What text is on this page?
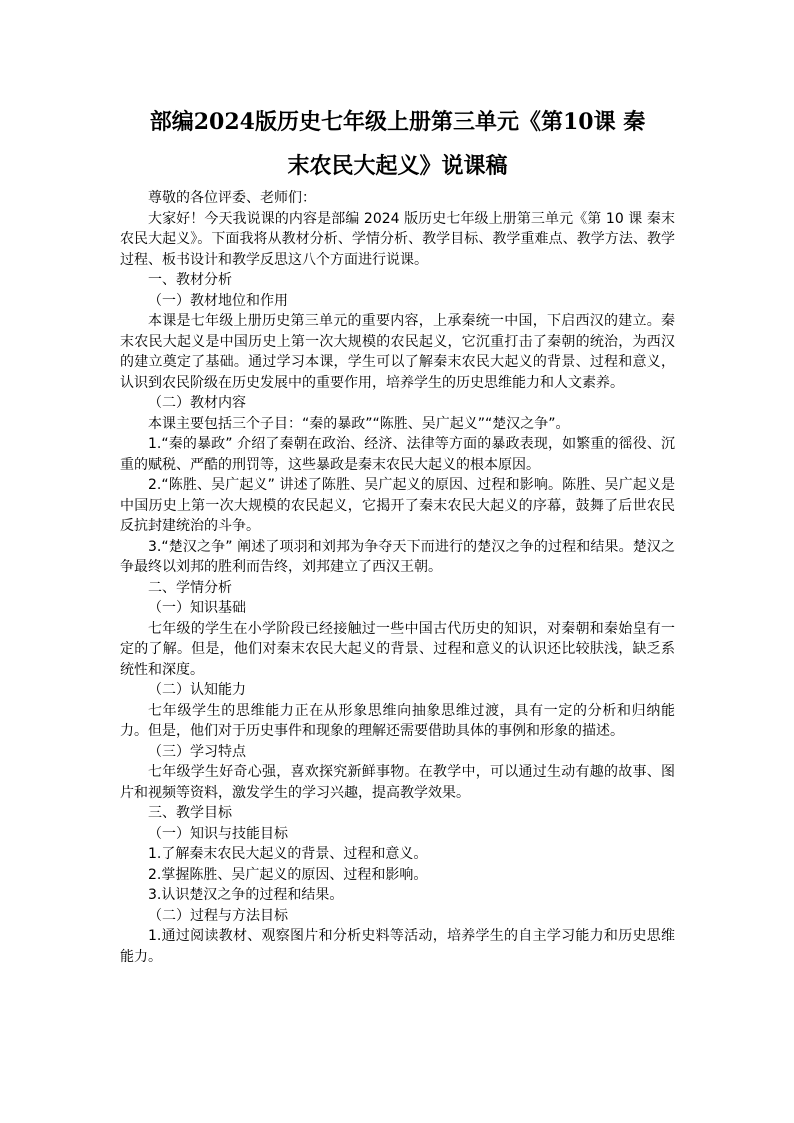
部编2024版历史七年级上册第三单元《第10课 秦
末农民大起义》说课稿

尊敬的各位评委、老师们：

大家好！今天我说课的内容是部编 2024 版历史七年级上册第三单元《第 10 课 秦末农民大起义》。下面我将从教材分析、学情分析、教学目标、教学重难点、教学方法、教学过程、板书设计和教学反思这八个方面进行说课。

一、教材分析

（一）教材地位和作用

本课是七年级上册历史第三单元的重要内容，上承秦统一中国，下启西汉的建立。秦末农民大起义是中国历史上第一次大规模的农民起义，它沉重打击了秦朝的统治，为西汉的建立奠定了基础。通过学习本课，学生可以了解秦末农民大起义的背景、过程和意义，认识到农民阶级在历史发展中的重要作用，培养学生的历史思维能力和人文素养。

（二）教材内容

本课主要包括三个子目：“秦的暴政”“陈胜、吴广起义”“楚汉之争”。

1.“秦的暴政” 介绍了秦朝在政治、经济、法律等方面的暴政表现，如繁重的徭役、沉重的赋税、严酷的刑罚等，这些暴政是秦末农民大起义的根本原因。

2.“陈胜、吴广起义” 讲述了陈胜、吴广起义的原因、过程和影响。陈胜、吴广起义是中国历史上第一次大规模的农民起义，它揭开了秦末农民大起义的序幕，鼓舞了后世农民反抗封建统治的斗争。

3.“楚汉之争” 阐述了项羽和刘邦为争夺天下而进行的楚汉之争的过程和结果。楚汉之争最终以刘邦的胜利而告终，刘邦建立了西汉王朝。

二、学情分析

（一）知识基础

七年级的学生在小学阶段已经接触过一些中国古代历史的知识，对秦朝和秦始皇有一定的了解。但是，他们对秦末农民大起义的背景、过程和意义的认识还比较肤浅，缺乏系统性和深度。

（二）认知能力

七年级学生的思维能力正在从形象思维向抽象思维过渡，具有一定的分析和归纳能力。但是，他们对于历史事件和现象的理解还需要借助具体的事例和形象的描述。

（三）学习特点

七年级学生好奇心强，喜欢探究新鲜事物。在教学中，可以通过生动有趣的故事、图片和视频等资料，激发学生的学习兴趣，提高教学效果。

三、教学目标

（一）知识与技能目标

1.了解秦末农民大起义的背景、过程和意义。

2.掌握陈胜、吴广起义的原因、过程和影响。

3.认识楚汉之争的过程和结果。

（二）过程与方法目标

1.通过阅读教材、观察图片和分析史料等活动，培养学生的自主学习能力和历史思维能力。
